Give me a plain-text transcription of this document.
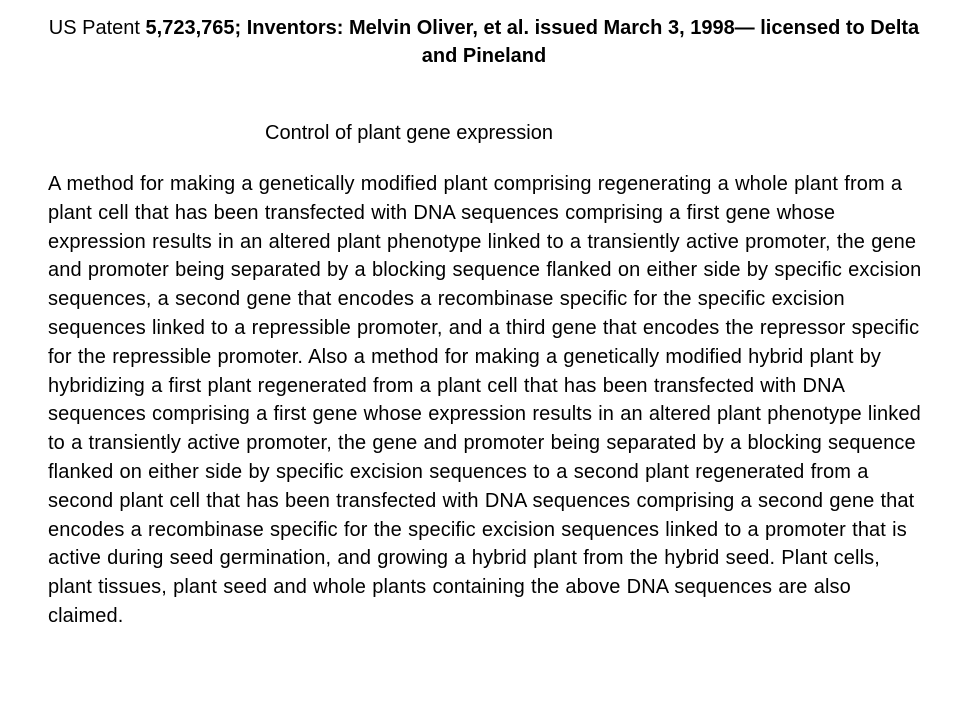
US Patent 5,723,765; Inventors: Melvin Oliver, et al. issued March 3, 1998— licensed to Delta and Pineland
Control of plant gene expression

A method for making a genetically modified plant comprising regenerating a whole plant from a plant cell that has been transfected with DNA sequences comprising a first gene whose expression results in an altered plant phenotype linked to a transiently active promoter, the gene and promoter being separated by a blocking sequence flanked on either side by specific excision sequences, a second gene that encodes a recombinase specific for the specific excision sequences linked to a repressible promoter, and a third gene that encodes the repressor specific for the repressible promoter. Also a method for making a genetically modified hybrid plant by hybridizing a first plant regenerated from a plant cell that has been transfected with DNA sequences comprising a first gene whose expression results in an altered plant phenotype linked to a transiently active promoter, the gene and promoter being separated by a blocking sequence flanked on either side by specific excision sequences to a second plant regenerated from a second plant cell that has been transfected with DNA sequences comprising a second gene that encodes a recombinase specific for the specific excision sequences linked to a promoter that is active during seed germination, and growing a hybrid plant from the hybrid seed. Plant cells, plant tissues, plant seed and whole plants containing the above DNA sequences are also claimed.
